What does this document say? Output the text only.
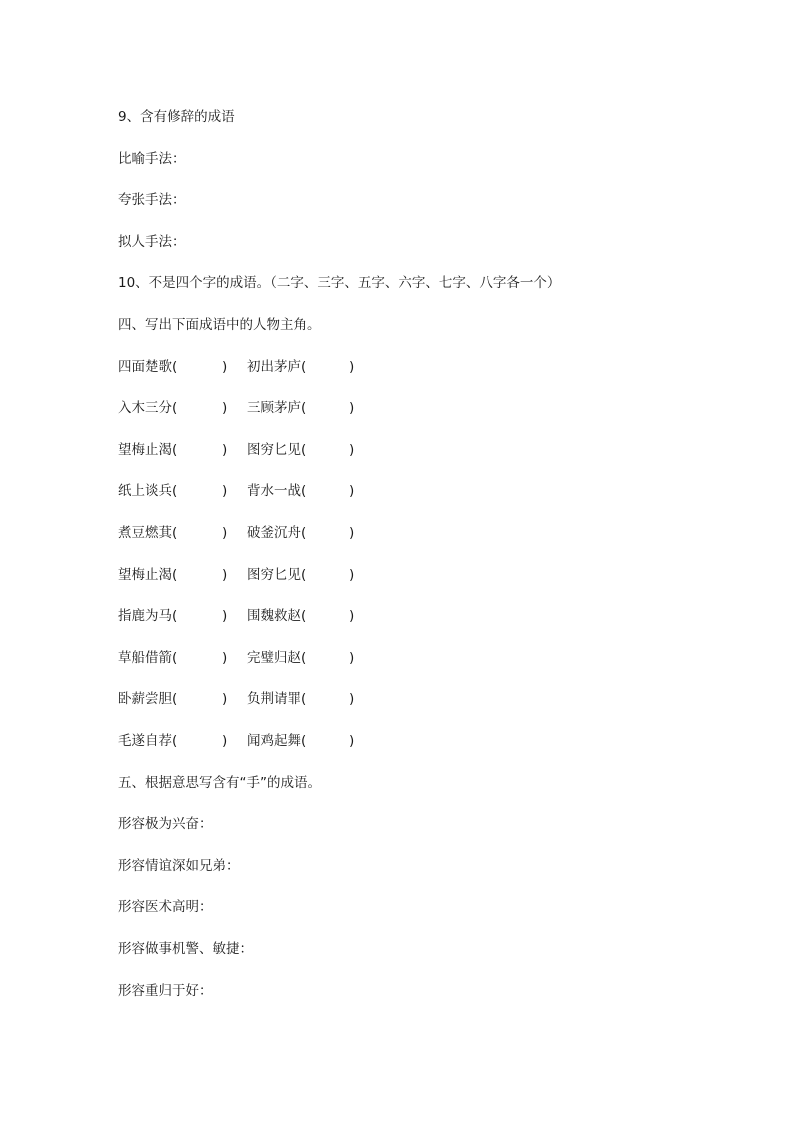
9、含有修辞的成语
比喻手法：
夸张手法：
拟人手法：
10、不是四个字的成语。（二字、三字、五字、六字、七字、八字各一个）
四、写出下面成语中的人物主角。
四面楚歌(	) 初出茅庐(	)
入木三分(	) 三顾茅庐(	)
望梅止渴(	) 图穷匕见(	)
纸上谈兵(	) 背水一战(	)
煮豆燃萁(	) 破釜沉舟(	)
望梅止渴(	) 图穷匕见(	)
指鹿为马(	) 围魏救赵(	)
草船借箭(	) 完璧归赵(	)
卧薪尝胆(	) 负荆请罪(	)
毛遂自荐(	) 闻鸡起舞(	)
五、根据意思写含有“手”的成语。
形容极为兴奋：
形容情谊深如兄弟：
形容医术高明：
形容做事机警、敏捷：
形容重归于好：
